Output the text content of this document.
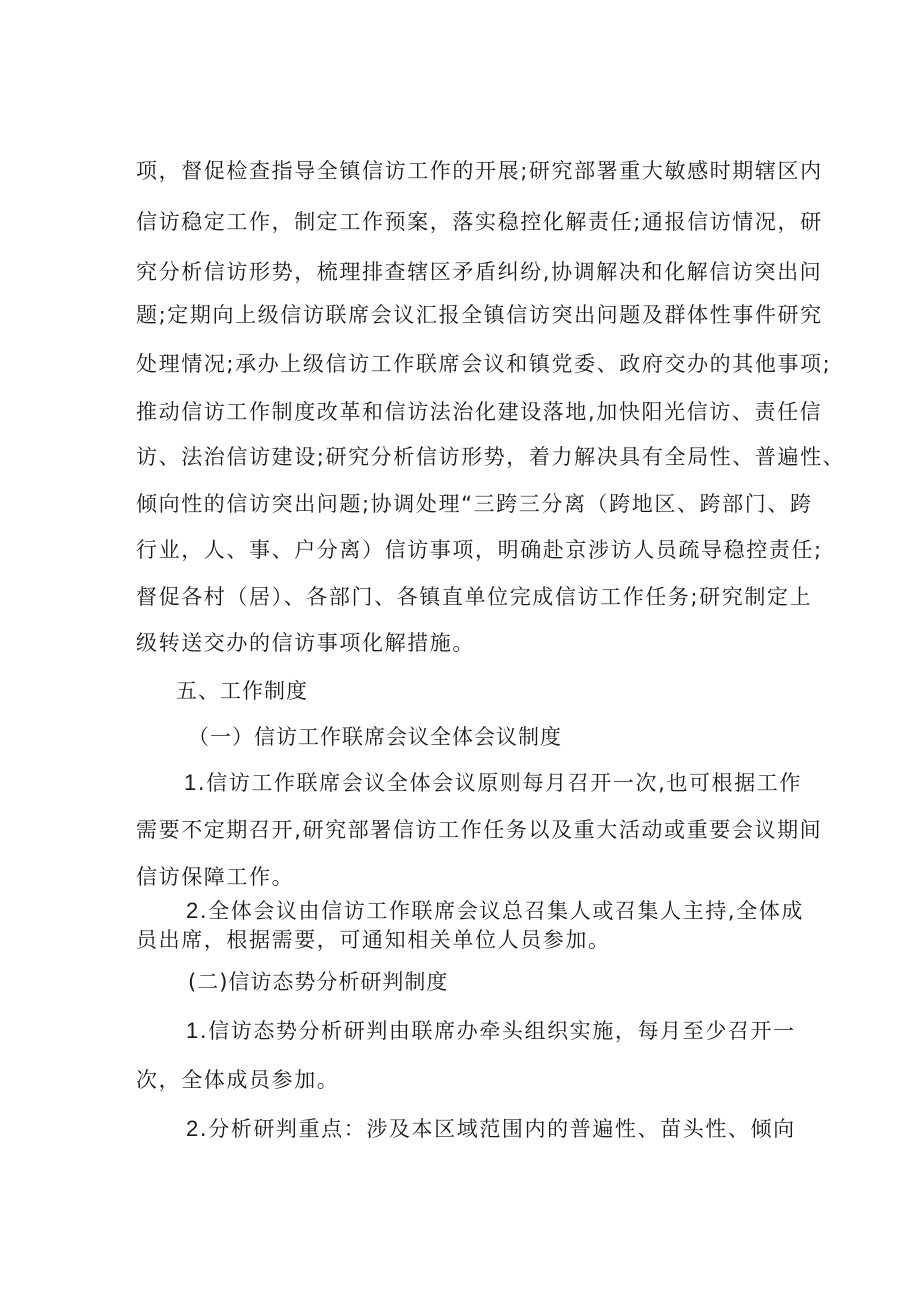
项，督促检查指导全镇信访工作的开展;研究部署重大敏感时期辖区内
信访稳定工作，制定工作预案，落实稳控化解责任;通报信访情况，研
究分析信访形势，梳理排查辖区矛盾纠纷,协调解决和化解信访突出问
题;定期向上级信访联席会议汇报全镇信访突出问题及群体性事件研究
处理情况;承办上级信访工作联席会议和镇党委、政府交办的其他事项;
推动信访工作制度改革和信访法治化建设落地,加快阳光信访、责任信
访、法治信访建设;研究分析信访形势，着力解决具有全局性、普遍性、
倾向性的信访突出问题;协调处理“三跨三分离（跨地区、跨部门、跨
行业，人、事、户分离）信访事项，明确赴京涉访人员疏导稳控责任;
督促各村（居）、各部门、各镇直单位完成信访工作任务;研究制定上
级转送交办的信访事项化解措施。
五、工作制度
（一）信访工作联席会议全体会议制度
1.信访工作联席会议全体会议原则每月召开一次,也可根据工作
需要不定期召开,研究部署信访工作任务以及重大活动或重要会议期间
信访保障工作。
2.全体会议由信访工作联席会议总召集人或召集人主持,全体成
员出席，根据需要，可通知相关单位人员参加。
(二)信访态势分析研判制度
1.信访态势分析研判由联席办牵头组织实施，每月至少召开一
次，全体成员参加。
2.分析研判重点：涉及本区域范围内的普遍性、苗头性、倾向
